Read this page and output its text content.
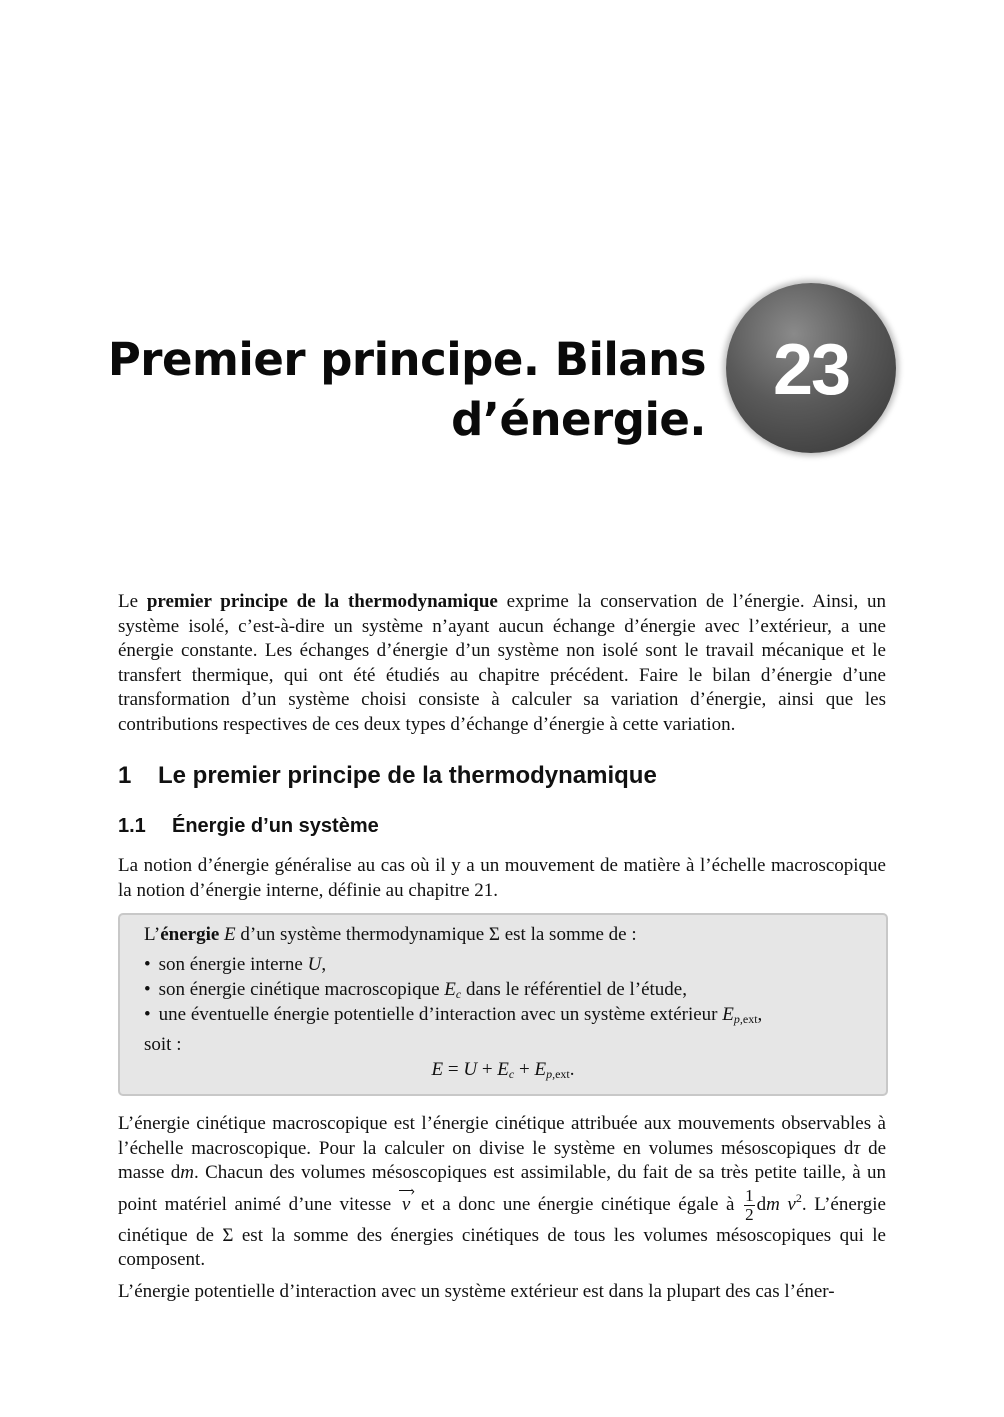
Premier principe. Bilans
d’énergie.
23

Le premier principe de la thermodynamique exprime la conservation de l’énergie. Ainsi, un système isolé, c’est-à-dire un système n’ayant aucun échange d’énergie avec l’extérieur, a une énergie constante. Les échanges d’énergie d’un système non isolé sont le travail mécanique et le transfert thermique, qui ont été étudiés au chapitre précédent. Faire le bilan d’énergie d’une transformation d’un système choisi consiste à calculer sa variation d’énergie, ainsi que les contributions respectives de ces deux types d’échange d’énergie à cette variation.

1 Le premier principe de la thermodynamique
1.1 Énergie d’un système

La notion d’énergie généralise au cas où il y a un mouvement de matière à l’échelle macroscopique la notion d’énergie interne, définie au chapitre 21.

L’énergie E d’un système thermodynamique Σ est la somme de :
• son énergie interne U,
• son énergie cinétique macroscopique $E_c$ dans le référentiel de l’étude,
• une éventuelle énergie potentielle d’interaction avec un système extérieur $E_{p,ext}$,
soit :
$E = U + E_c + E_{p,ext}$.

L’énergie cinétique macroscopique est l’énergie cinétique attribuée aux mouvements observables à l’échelle macroscopique. Pour la calculer on divise le système en volumes mésoscopiques dτ de masse dm. Chacun des volumes mésoscopiques est assimilable, du fait de sa très petite taille, à un point matériel animé d’une vitesse v › et a donc une énergie cinétique égale à $\frac{1}{2}$ dm $v^2$. L’énergie cinétique de Σ est la somme des énergies cinétiques de tous les volumes mésoscopiques qui le composent.

L’énergie potentielle d’interaction avec un système extérieur est dans la plupart des cas l’éner-
